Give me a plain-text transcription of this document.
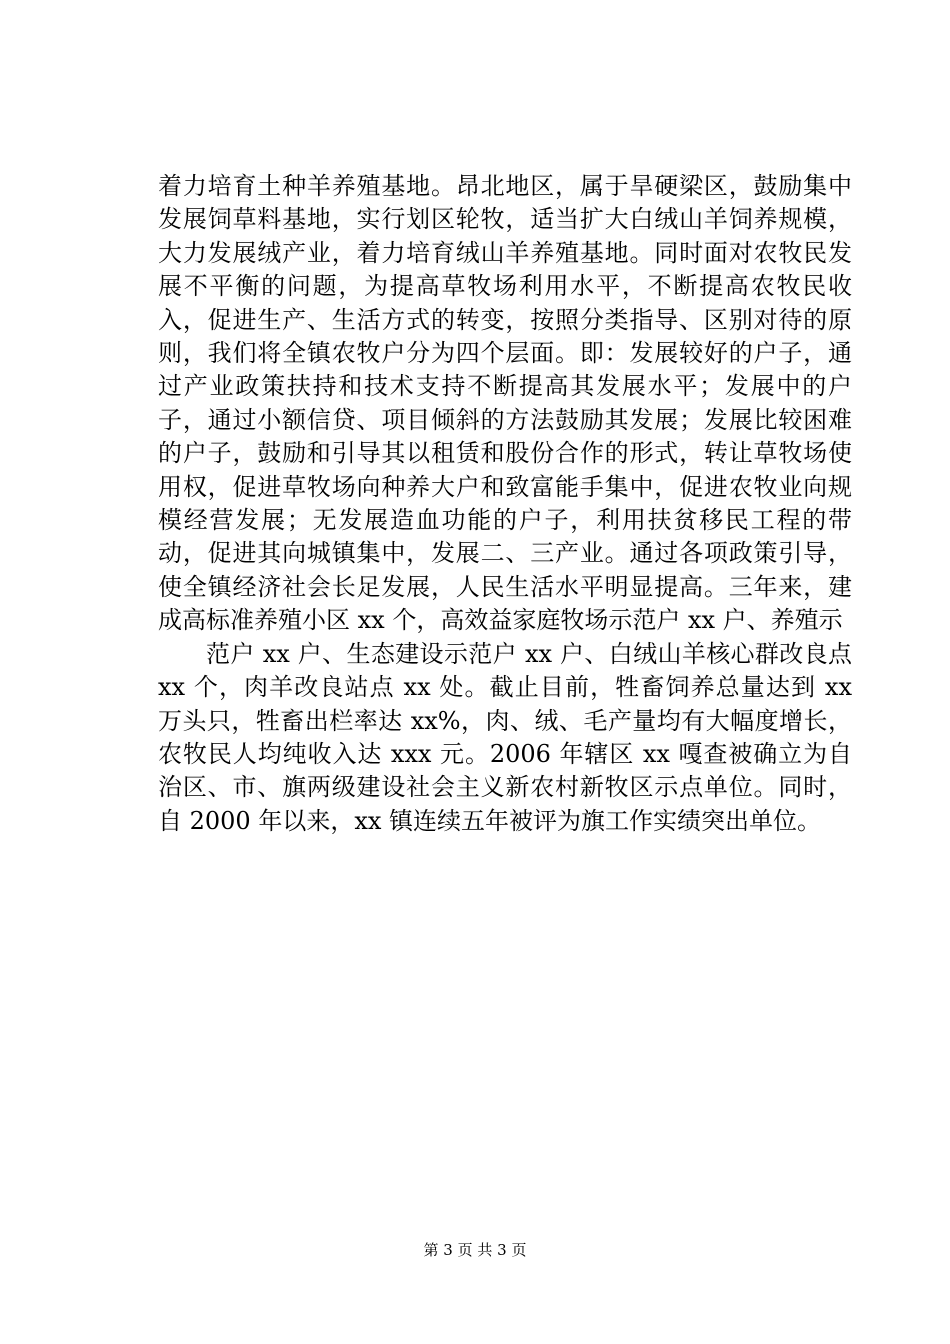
着力培育土种羊养殖基地。昂北地区，属于旱硬梁区，鼓励集中发展饲草料基地，实行划区轮牧，适当扩大白绒山羊饲养规模，大力发展绒产业，着力培育绒山羊养殖基地。同时面对农牧民发展不平衡的问题，为提高草牧场利用水平，不断提高农牧民收入，促进生产、生活方式的转变，按照分类指导、区别对待的原则，我们将全镇农牧户分为四个层面。即：发展较好的户子，通过产业政策扶持和技术支持不断提高其发展水平；发展中的户子，通过小额信贷、项目倾斜的方法鼓励其发展；发展比较困难的户子，鼓励和引导其以租赁和股份合作的形式，转让草牧场使用权，促进草牧场向种养大户和致富能手集中，促进农牧业向规模经营发展；无发展造血功能的户子，利用扶贫移民工程的带动，促进其向城镇集中，发展二、三产业。通过各项政策引导，使全镇经济社会长足发展，人民生活水平明显提高。三年来，建成高标准养殖小区 xx 个，高效益家庭牧场示范户 xx 户、养殖示

范户 xx 户、生态建设示范户 xx 户、白绒山羊核心群改良点 xx 个，肉羊改良站点 xx 处。截止目前，牲畜饲养总量达到 xx 万头只，牲畜出栏率达 xx%，肉、绒、毛产量均有大幅度增长，农牧民人均纯收入达 xxx 元。2006 年辖区 xx 嘎查被确立为自治区、市、旗两级建设社会主义新农村新牧区示点单位。同时，自 2000 年以来，xx 镇连续五年被评为旗工作实绩突出单位。

第 3 页 共 3 页
